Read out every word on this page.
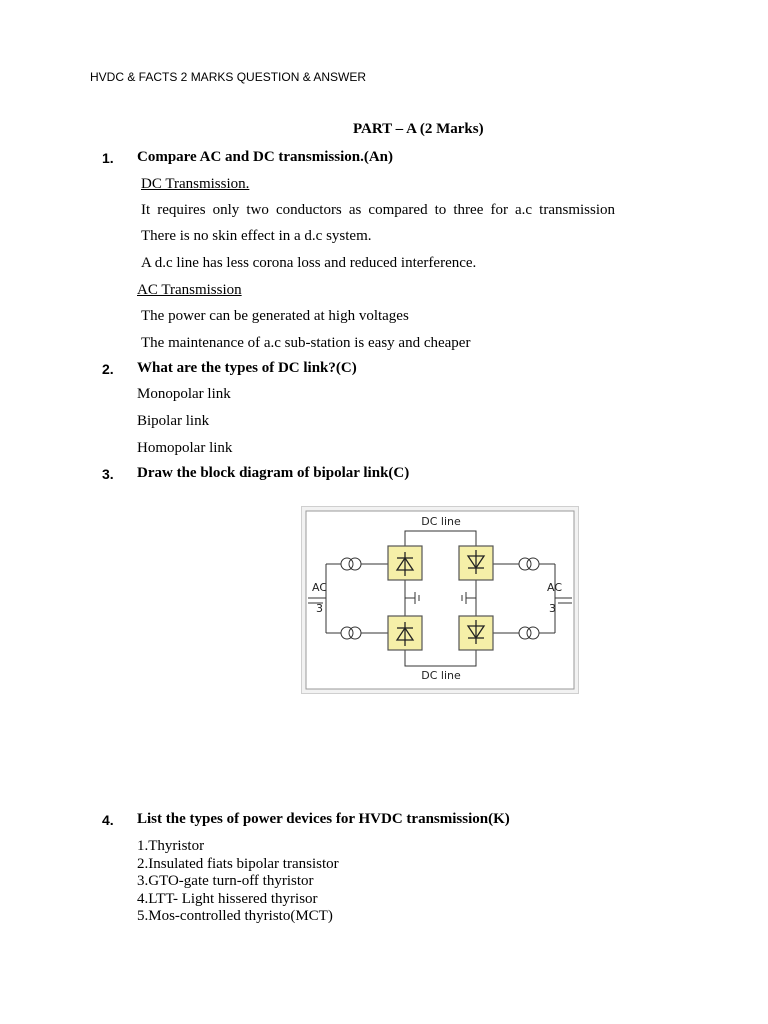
HVDC & FACTS 2 MARKS QUESTION & ANSWER
PART – A (2 Marks)
1. Compare AC and DC transmission.(An)
DC Transmission.
It requires only two conductors as compared to three for a.c transmission
There is no skin effect in a d.c system.
A d.c line has less corona loss and reduced interference.
AC Transmission
The power can be generated at high voltages
The maintenance of a.c sub-station is easy and cheaper
2. What are the types of DC link?(C)
Monopolar link
Bipolar link
Homopolar link
3. Draw the block diagram of bipolar link(C)
DC line
DC line
AC
3
AC
3
4. List the types of power devices for HVDC transmission(K)
1.Thyristor
2.Insulated fiats bipolar transistor
3.GTO-gate turn-off thyristor
4.LTT- Light hissered thyrisor
5.Mos-controlled thyristo(MCT)
